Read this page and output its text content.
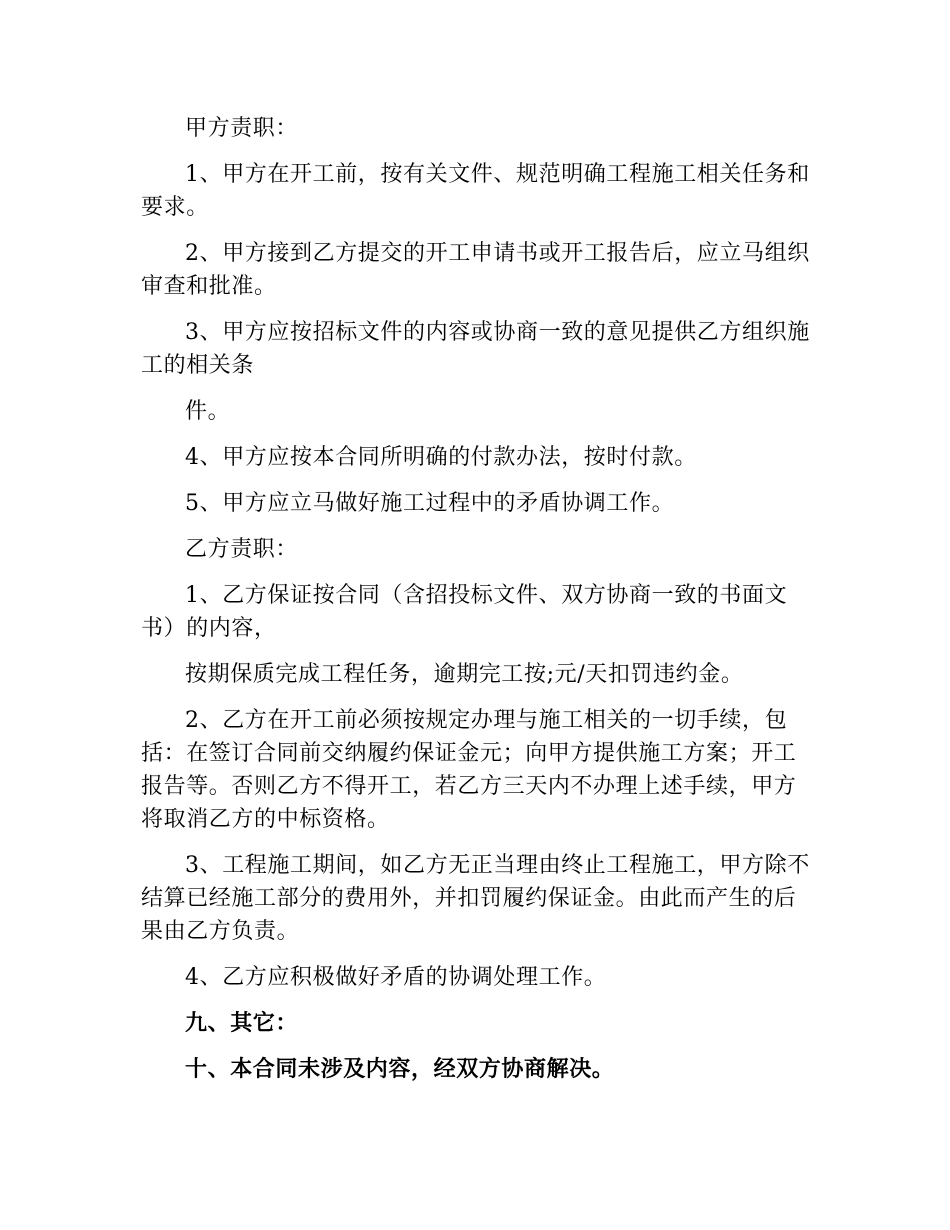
甲方责职：

1、甲方在开工前，按有关文件、规范明确工程施工相关任务和要求。

2、甲方接到乙方提交的开工申请书或开工报告后，应立马组织审查和批准。

3、甲方应按招标文件的内容或协商一致的意见提供乙方组织施工的相关条

件。

4、甲方应按本合同所明确的付款办法，按时付款。

5、甲方应立马做好施工过程中的矛盾协调工作。

乙方责职：

1、乙方保证按合同（含招投标文件、双方协商一致的书面文书）的内容，

按期保质完成工程任务，逾期完工按;元/天扣罚违约金。

2、乙方在开工前必须按规定办理与施工相关的一切手续，包括：在签订合同前交纳履约保证金元；向甲方提供施工方案；开工报告等。否则乙方不得开工，若乙方三天内不办理上述手续，甲方将取消乙方的中标资格。

3、工程施工期间，如乙方无正当理由终止工程施工，甲方除不结算已经施工部分的费用外，并扣罚履约保证金。由此而产生的后果由乙方负责。

4、乙方应积极做好矛盾的协调处理工作。

九、其它：

十、本合同未涉及内容，经双方协商解决。
